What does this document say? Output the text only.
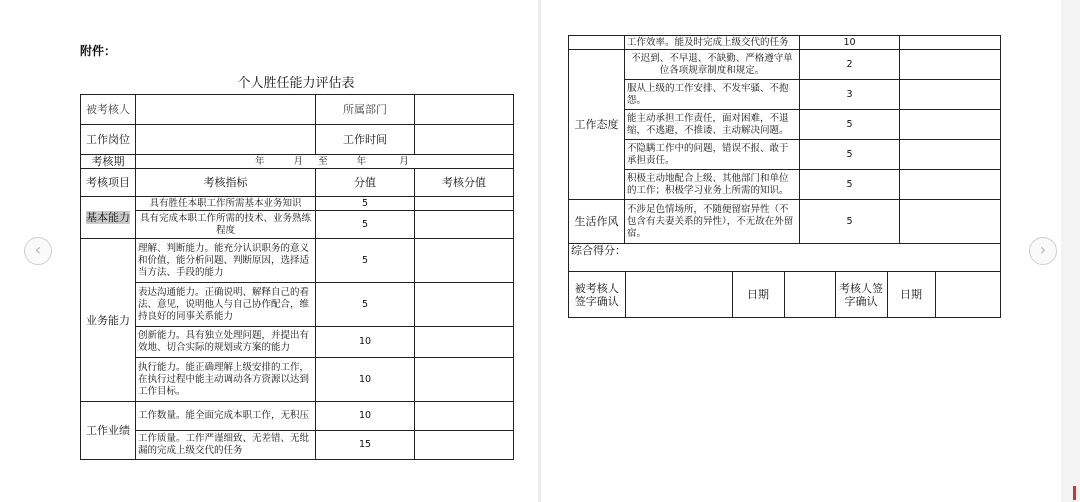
附件：
个人胜任能力评估表
被考核人		所属部门	
工作岗位		工作时间	
考核期	年 月 至 年 月		
考核项目	考核指标	分值	考核分值
基本能力	具有胜任本职工作所需基本业务知识	5	
	具有完成本职工作所需的技术、业务熟练程度	5	
业务能力	理解、判断能力。能充分认识职务的意义和价值，能分析问题、判断原因，选择适当方法、手段的能力	5	
	表达沟通能力。正确说明、解释自己的看法、意见，说明他人与自己协作配合，维持良好的同事关系能力	5	
	创新能力。具有独立处理问题，并提出有效地、切合实际的规划或方案的能力	10	
	执行能力。能正确理解上级安排的工作，在执行过程中能主动调动各方资源以达到工作目标。	10	
工作业绩	工作数量。能全面完成本职工作，无积压	10	
	工作质量。工作严谨细致、无差错、无纰漏的完成上级交代的任务	15	
	工作效率。能及时完成上级交代的任务	10	
工作态度	不迟到、不早退、不缺勤、严格遵守单位各项规章制度和规定。	2	
服从上级的工作安排、不发牢骚、不抱怨。	3	
能主动承担工作责任，面对困难，不退缩，不逃避，不推诿、主动解决问题。	5	
不隐瞒工作中的问题，错误不报、敢于承担责任。	5	
积极主动地配合上级、其他部门和单位的工作；积极学习业务上所需的知识。	5	
生活作风	不涉足色情场所，不随便留宿异性（不包含有夫妻关系的异性），不无故在外留宿。	5	
综合得分：

被考核人签字确认		日期		考核人签字确认	日期	
‹	›
